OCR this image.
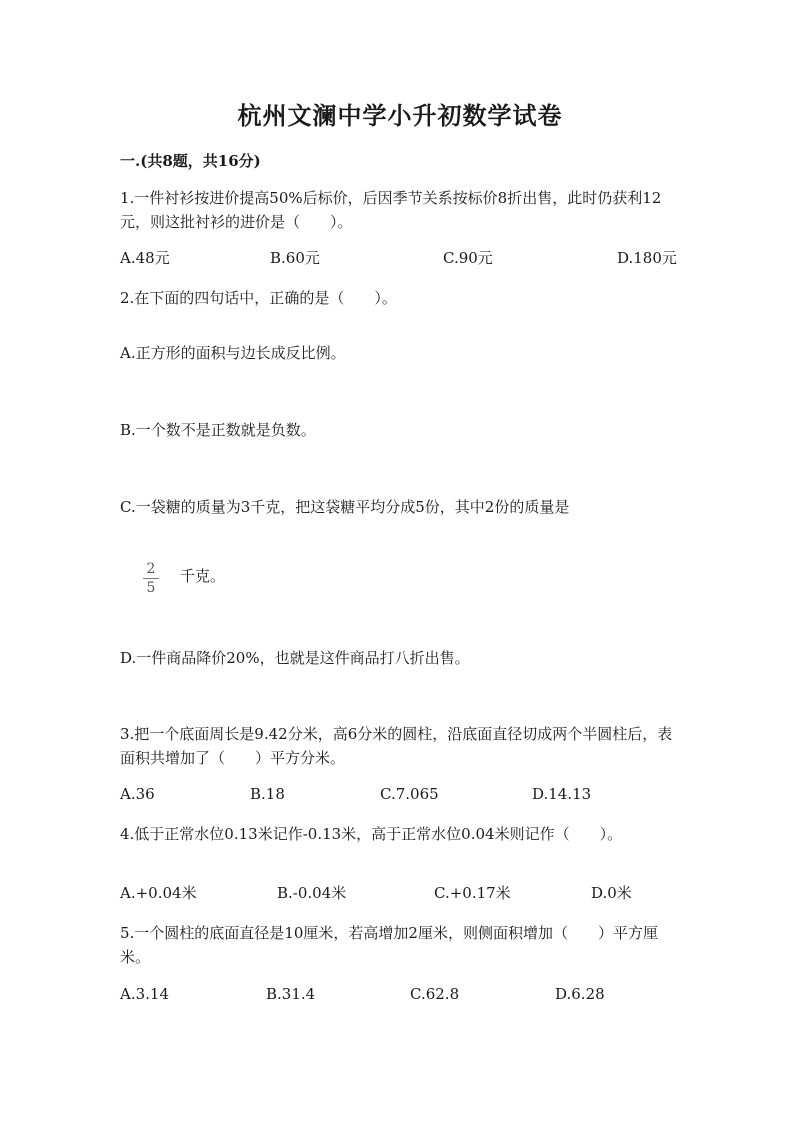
杭州文澜中学小升初数学试卷
一.(共8题，共16分)
1.一件衬衫按进价提高50%后标价，后因季节关系按标价8折出售，此时仍获利12元，则这批衬衫的进价是（　　）。
A.48元	B.60元	C.90元	D.180元
2.在下面的四句话中，正确的是（　　）。
A.正方形的面积与边长成反比例。
B.一个数不是正数就是负数。
C.一袋糖的质量为3千克，把这袋糖平均分成5份，其中2份的质量是
2
5
千克。
D.一件商品降价20%，也就是这件商品打八折出售。
3.把一个底面周长是9.42分米，高6分米的圆柱，沿底面直径切成两个半圆柱后，表面积共增加了（　　）平方分米。
A.36	B.18	C.7.065	D.14.13
4.低于正常水位0.13米记作-0.13米，高于正常水位0.04米则记作（　　）。
A.+0.04米	B.-0.04米	C.+0.17米	D.0米
5.一个圆柱的底面直径是10厘米，若高增加2厘米，则侧面积增加（　　）平方厘米。
A.3.14	B.31.4	C.62.8	D.6.28
